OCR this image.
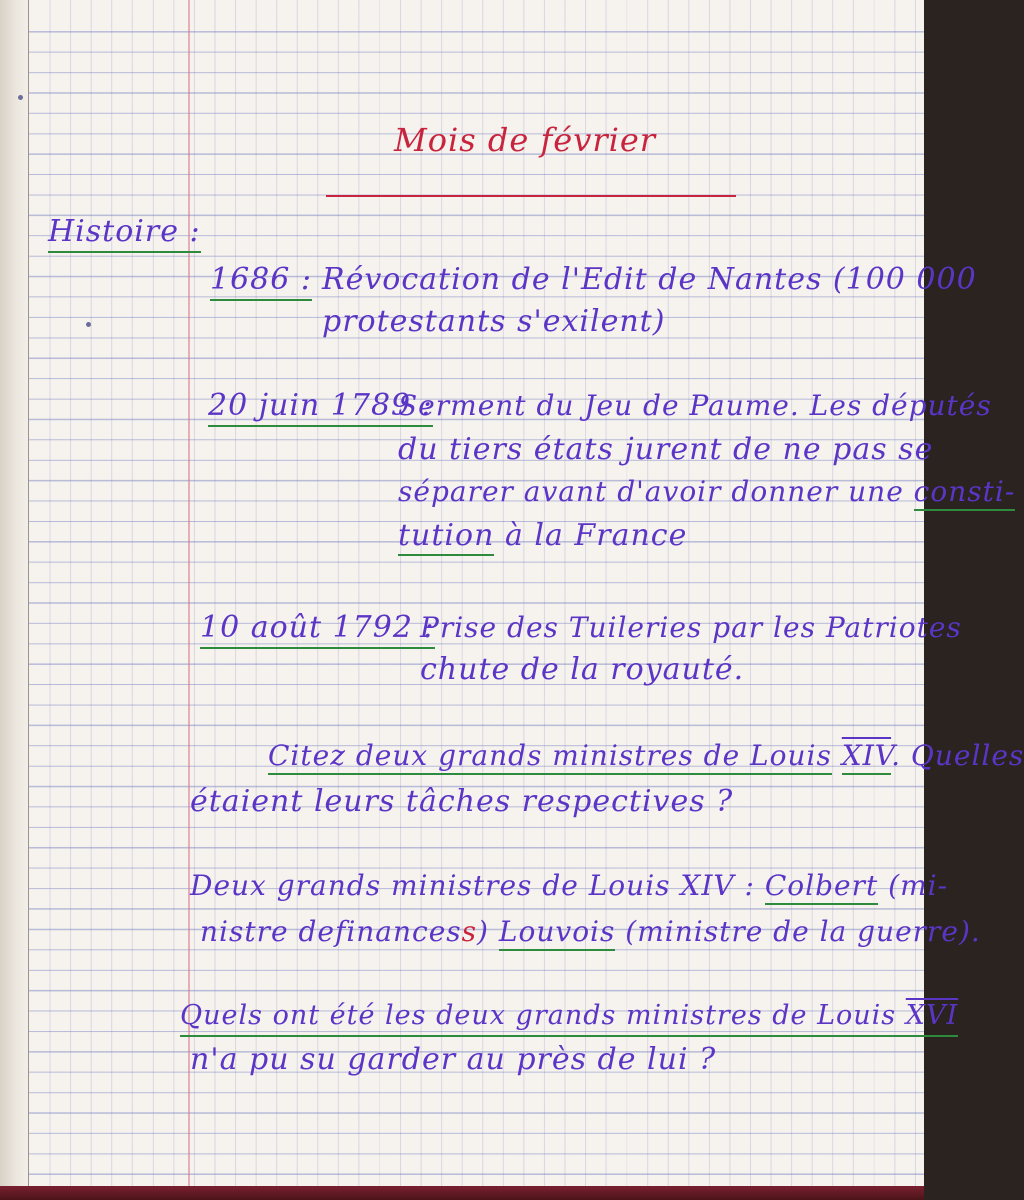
Mois de février
Histoire :
1686 : Révocation de l'Edit de Nantes (100 000
protestants s'exilent)
20 juin 1789 :
Serment du Jeu de Paume. Les députés
du tiers états jurent de ne pas se
séparer avant d'avoir donner une consti-
tution à la France
10 août 1792 :
Prise des Tuileries par les Patriotes
chute de la royauté.
Citez deux grands ministres de Louis $\overline{XIV}$. Quelles
étaient leurs tâches respectives ?
Deux grands ministres de Louis XIV : Colbert (mi-
nistre definancess) Louvois (ministre de la guerre).
Quels ont été les deux grands ministres de Louis $\overline{XVI}$
n'a pu su garder au près de lui ?
